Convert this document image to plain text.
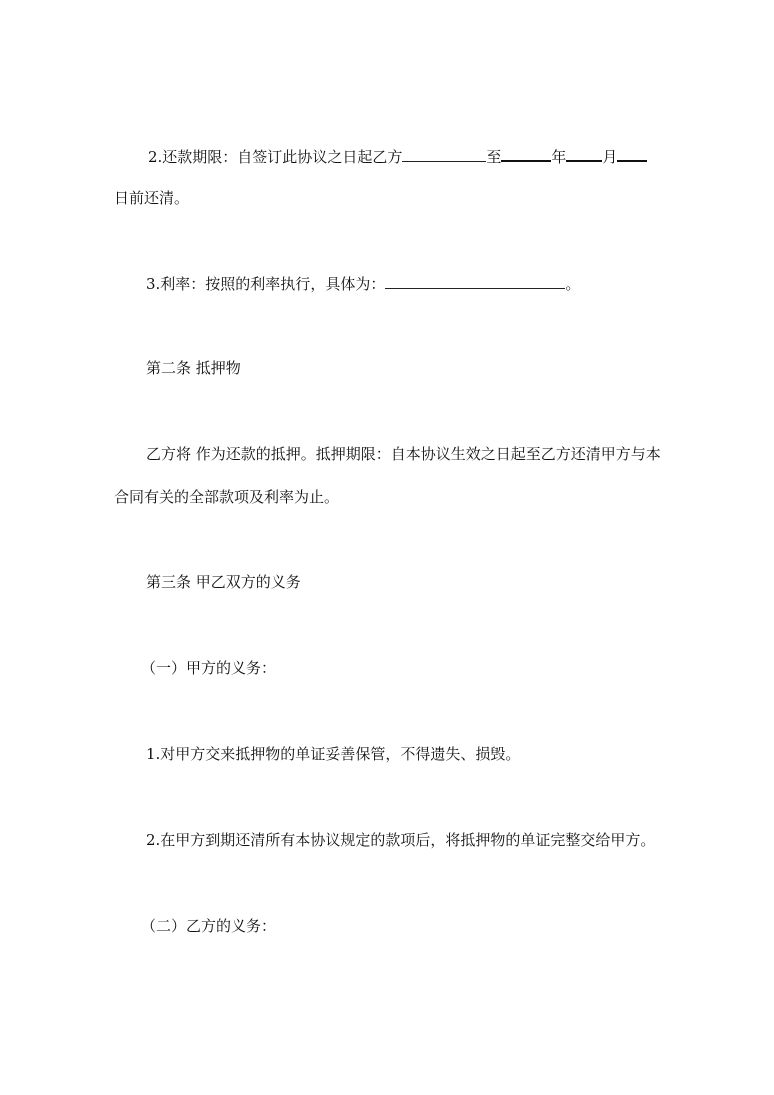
2.还款期限：自签订此协议之日起乙方	至	年 月
日前还清。
3.利率：按照的利率执行，具体为：	。
第二条 抵押物
乙方将 作为还款的抵押。抵押期限：自本协议生效之日起至乙方还清甲方与本
合同有关的全部款项及利率为止。
第三条 甲乙双方的义务
（一）甲方的义务：
1.对甲方交来抵押物的单证妥善保管，不得遗失、损毁。
2.在甲方到期还清所有本协议规定的款项后，将抵押物的单证完整交给甲方。
（二）乙方的义务：
